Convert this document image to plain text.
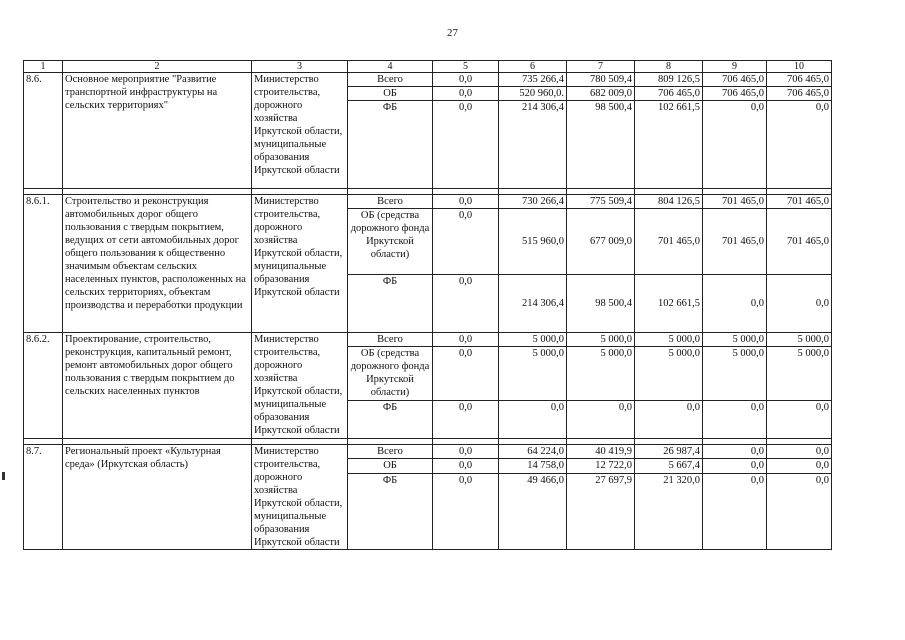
27
1	2	3	4	5	6	7	8	9	10
8.6.	Основное мероприятие "Развитие транспортной инфраструктуры на сельских территориях"	Министерство строительства, дорожного хозяйства Иркутской области, муниципальные образования Иркутской области	Всего	0,0	735 266,4	780 509,4	809 126,5	706 465,0	706 465,0
			ОБ	0,0	520 960,0.	682 009,0	706 465,0	706 465,0	706 465,0
			ФБ	0,0	214 306,4	98 500,4	102 661,5	0,0	0,0

8.6.1.	Строительство и реконструкция автомобильных дорог общего пользования с твердым покрытием, ведущих от сети автомобильных дорог общего пользования к общественно значимым объектам сельских населенных пунктов, расположенных на сельских территориях, объектам производства и переработки продукции	Министерство строительства, дорожного хозяйства Иркутской области, муниципальные образования Иркутской области	Всего	0,0	730 266,4	775 509,4	804 126,5	701 465,0	701 465,0
			ОБ (средства дорожного фонда Иркутской области)	0,0	515 960,0	677 009,0	701 465,0	701 465,0	701 465,0
			ФБ	0,0	214 306,4	98 500,4	102 661,5	0,0	0,0
8.6.2.	Проектирование, строительство, реконструкция, капитальный ремонт, ремонт автомобильных дорог общего пользования с твердым покрытием до сельских населенных пунктов	Министерство строительства, дорожного хозяйства Иркутской области, муниципальные образования Иркутской области	Всего	0,0	5 000,0	5 000,0	5 000,0	5 000,0	5 000,0
			ОБ (средства дорожного фонда Иркутской области)	0,0	5 000,0	5 000,0	5 000,0	5 000,0	5 000,0
			ФБ	0,0	0,0	0,0	0,0	0,0	0,0

8.7.	Региональный проект «Культурная среда» (Иркутская область)	Министерство строительства, дорожного хозяйства Иркутской области, муниципальные образования Иркутской области	Всего	0,0	64 224,0	40 419,9	26 987,4	0,0	0,0
			ОБ	0,0	14 758,0	12 722,0	5 667,4	0,0	0,0
			ФБ	0,0	49 466,0	27 697,9	21 320,0	0,0	0,0
